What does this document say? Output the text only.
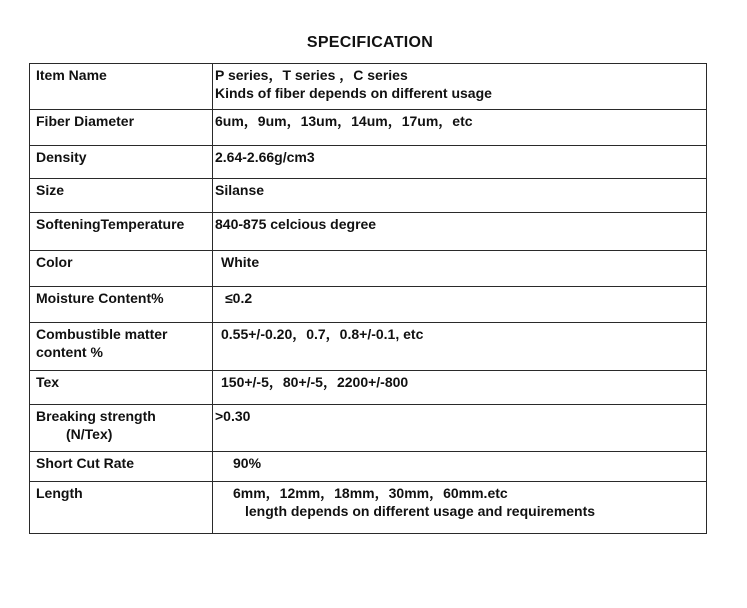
SPECIFICATION
Item Name	P series，T series ，C series
Kinds of fiber depends on different usage

Fiber Diameter	6um，9um，13um，14um，17um，etc

Density	2.64-2.66g/cm3

Size	Silanse

SofteningTemperature	840-875 celcious degree

Color	White

Moisture Content%	≤0.2

Combustible matter
content %	0.55+/-0.20，0.7，0.8+/-0.1, etc

Tex	150+/-5，80+/-5，2200+/-800

Breaking strength
(N/Tex)	>0.30

Short Cut Rate	90%

Length	6mm，12mm，18mm，30mm，60mm.etc
length depends on different usage and requirements
